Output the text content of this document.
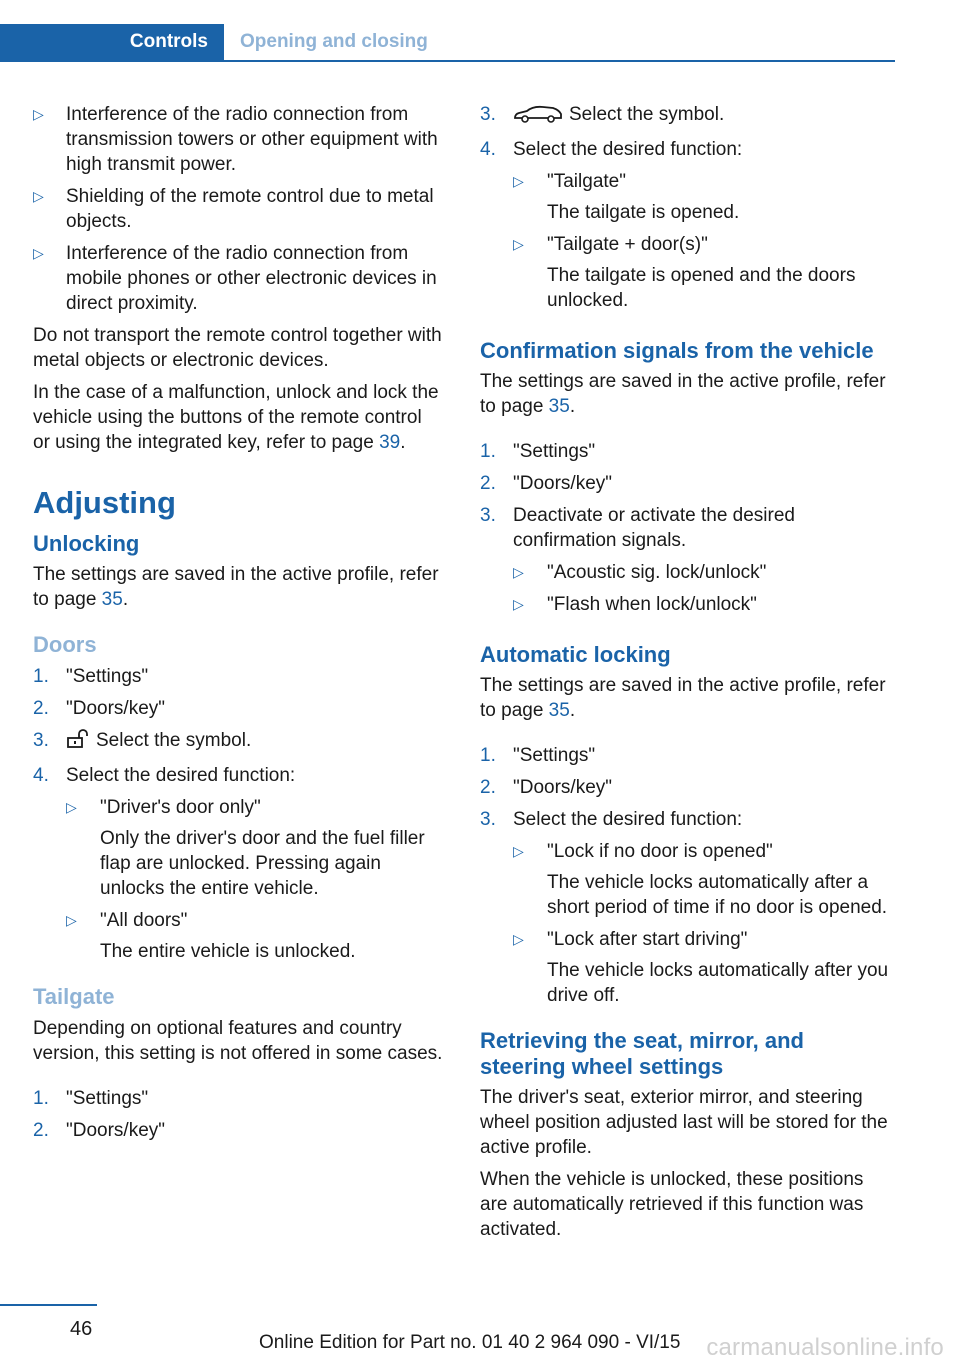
Controls	Opening and closing
▷ Interference of the radio connection from transmission towers or other equipment with high transmit power.
▷ Shielding of the remote control due to metal objects.
▷ Interference of the radio connection from mobile phones or other electronic devices in direct proximity.

Do not transport the remote control together with metal objects or electronic devices.

In the case of a malfunction, unlock and lock the vehicle using the buttons of the remote control or using the integrated key, refer to page 39.

Adjusting
Unlocking

The settings are saved in the active profile, refer to page 35.

Doors
1. "Settings"
2. "Doors/key"
3. Select the symbol.
4. Select the desired function:
▷ "Driver's door only"
Only the driver's door and the fuel filler flap are unlocked. Pressing again unlocks the entire vehicle.
▷ "All doors"
The entire vehicle is unlocked.
Tailgate

Depending on optional features and country version, this setting is not offered in some cases.

1. "Settings"
2. "Doors/key"
3.	Select the symbol.
4. Select the desired function:
▷ "Tailgate"
The tailgate is opened.
▷ "Tailgate + door(s)"
The tailgate is opened and the doors unlocked.
Confirmation signals from the vehicle

The settings are saved in the active profile, refer to page 35.

1. "Settings"
2. "Doors/key"
3. Deactivate or activate the desired confirmation signals.
▷ "Acoustic sig. lock/unlock"
▷ "Flash when lock/unlock"
Automatic locking

The settings are saved in the active profile, refer to page 35.

1. "Settings"
2. "Doors/key"
3. Select the desired function:
▷ "Lock if no door is opened"
The vehicle locks automatically after a short period of time if no door is opened.
▷ "Lock after start driving"
The vehicle locks automatically after you drive off.
Retrieving the seat, mirror, and steering wheel settings

The driver's seat, exterior mirror, and steering wheel position adjusted last will be stored for the active profile.

When the vehicle is unlocked, these positions are automatically retrieved if this function was activated.

46
Online Edition for Part no. 01 40 2 964 090 - VI/15 carmanualsonline.info
